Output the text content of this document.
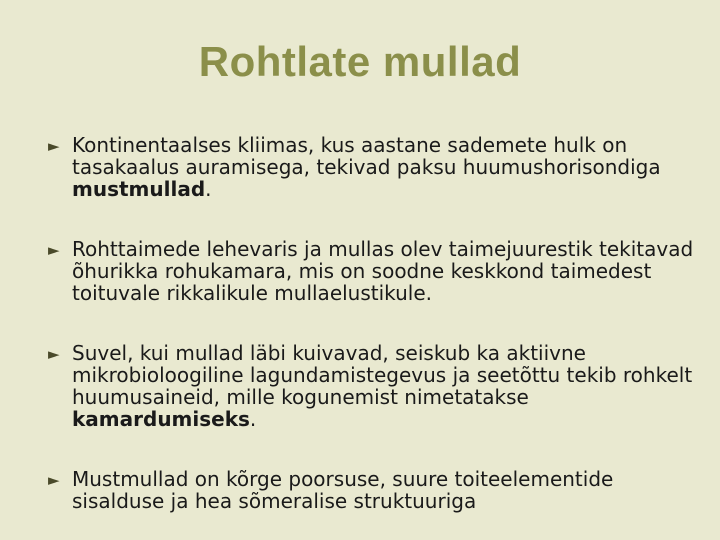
Rohtlate mullad
► Kontinentaalses kliimas, kus aastane sademete hulk on tasakaalus auramisega, tekivad paksu huumushorisondiga mustmullad.
► Rohttaimede lehevaris ja mullas olev taimejuurestik tekitavad õhurikka rohukamara, mis on soodne keskkond taimedest toituvale rikkalikule mullaelustikule.
► Suvel, kui mullad läbi kuivavad, seiskub ka aktiivne mikrobioloogiline lagundamistegevus ja seetõttu tekib rohkelt huumusaineid, mille kogunemist nimetatakse kamardumiseks.
► Mustmullad on kõrge poorsuse, suure toiteelementide sisalduse ja hea sõmeralise struktuuriga
